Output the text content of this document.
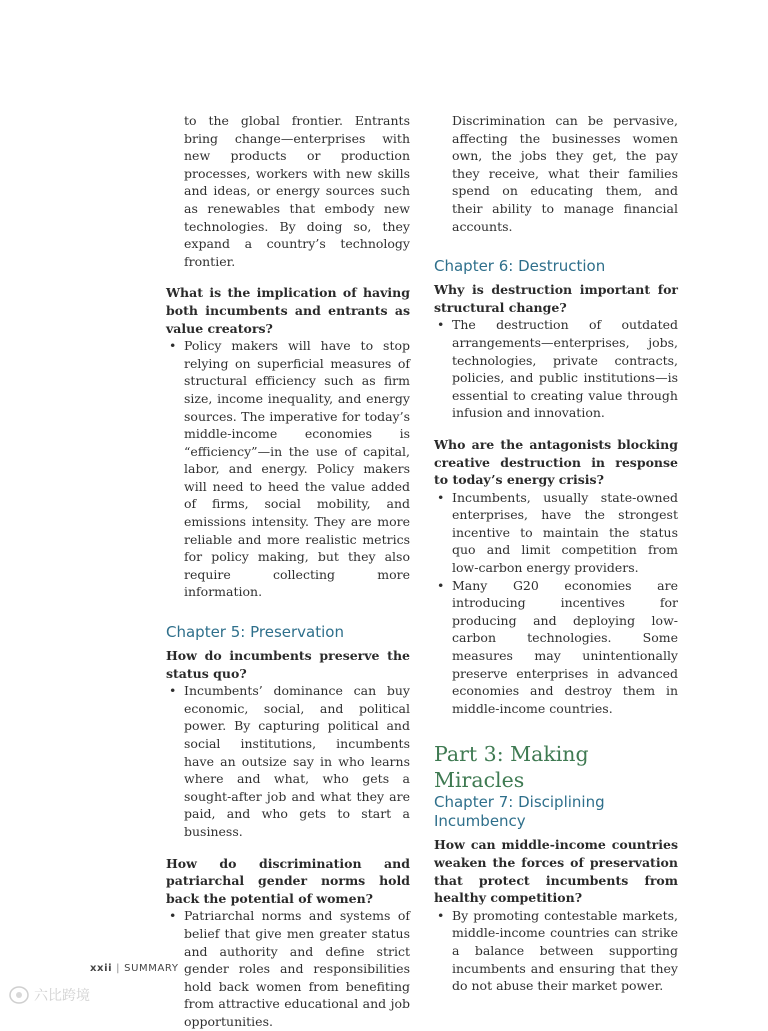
to the global frontier. Entrants bring change—enterprises with new products or production processes, workers with new skills and ideas, or energy sources such as renewables that embody new technologies. By doing so, they expand a country’s technology frontier.

What is the implication of having both incumbents and entrants as value creators?

• Policy makers will have to stop relying on superficial measures of structural efficiency such as firm size, income inequality, and energy sources. The imperative for today’s middle-income economies is “efficiency”—in the use of capital, labor, and energy. Policy makers will need to heed the value added of firms, social mobility, and emissions intensity. They are more reliable and more realistic metrics for policy making, but they also require collecting more information.
Chapter 5: Preservation

How do incumbents preserve the status quo?

• Incumbents’ dominance can buy economic, social, and political power. By capturing political and social institutions, incumbents have an outsize say in who learns where and what, who gets a sought-after job and what they are paid, and who gets to start a business.

How do discrimination and patriarchal gender norms hold back the potential of women?

• Patriarchal norms and systems of belief that give men greater status and authority and define strict gender roles and responsibilities hold back women from benefiting from attractive educational and job opportunities.

Discrimination can be pervasive, affecting the businesses women own, the jobs they get, the pay they receive, what their families spend on educating them, and their ability to manage financial accounts.

Chapter 6: Destruction

Why is destruction important for structural change?

• The destruction of outdated arrangements—enterprises, jobs, technologies, private contracts, policies, and public institutions—is essential to creating value through infusion and innovation.

Who are the antagonists blocking creative destruction in response to today’s energy crisis?

• Incumbents, usually state-owned enterprises, have the strongest incentive to maintain the status quo and limit competition from low-carbon energy providers.
• Many G20 economies are introducing incentives for producing and deploying low-carbon technologies. Some measures may unintentionally preserve enterprises in advanced economies and destroy them in middle-income countries.
Part 3: Making Miracles
Chapter 7: Disciplining Incumbency

How can middle-income countries weaken the forces of preservation that protect incumbents from healthy competition?

• By promoting contestable markets, middle-income countries can strike a balance between supporting incumbents and ensuring that they do not abuse their market power.
xxii | SUMMARY
六比跨境
